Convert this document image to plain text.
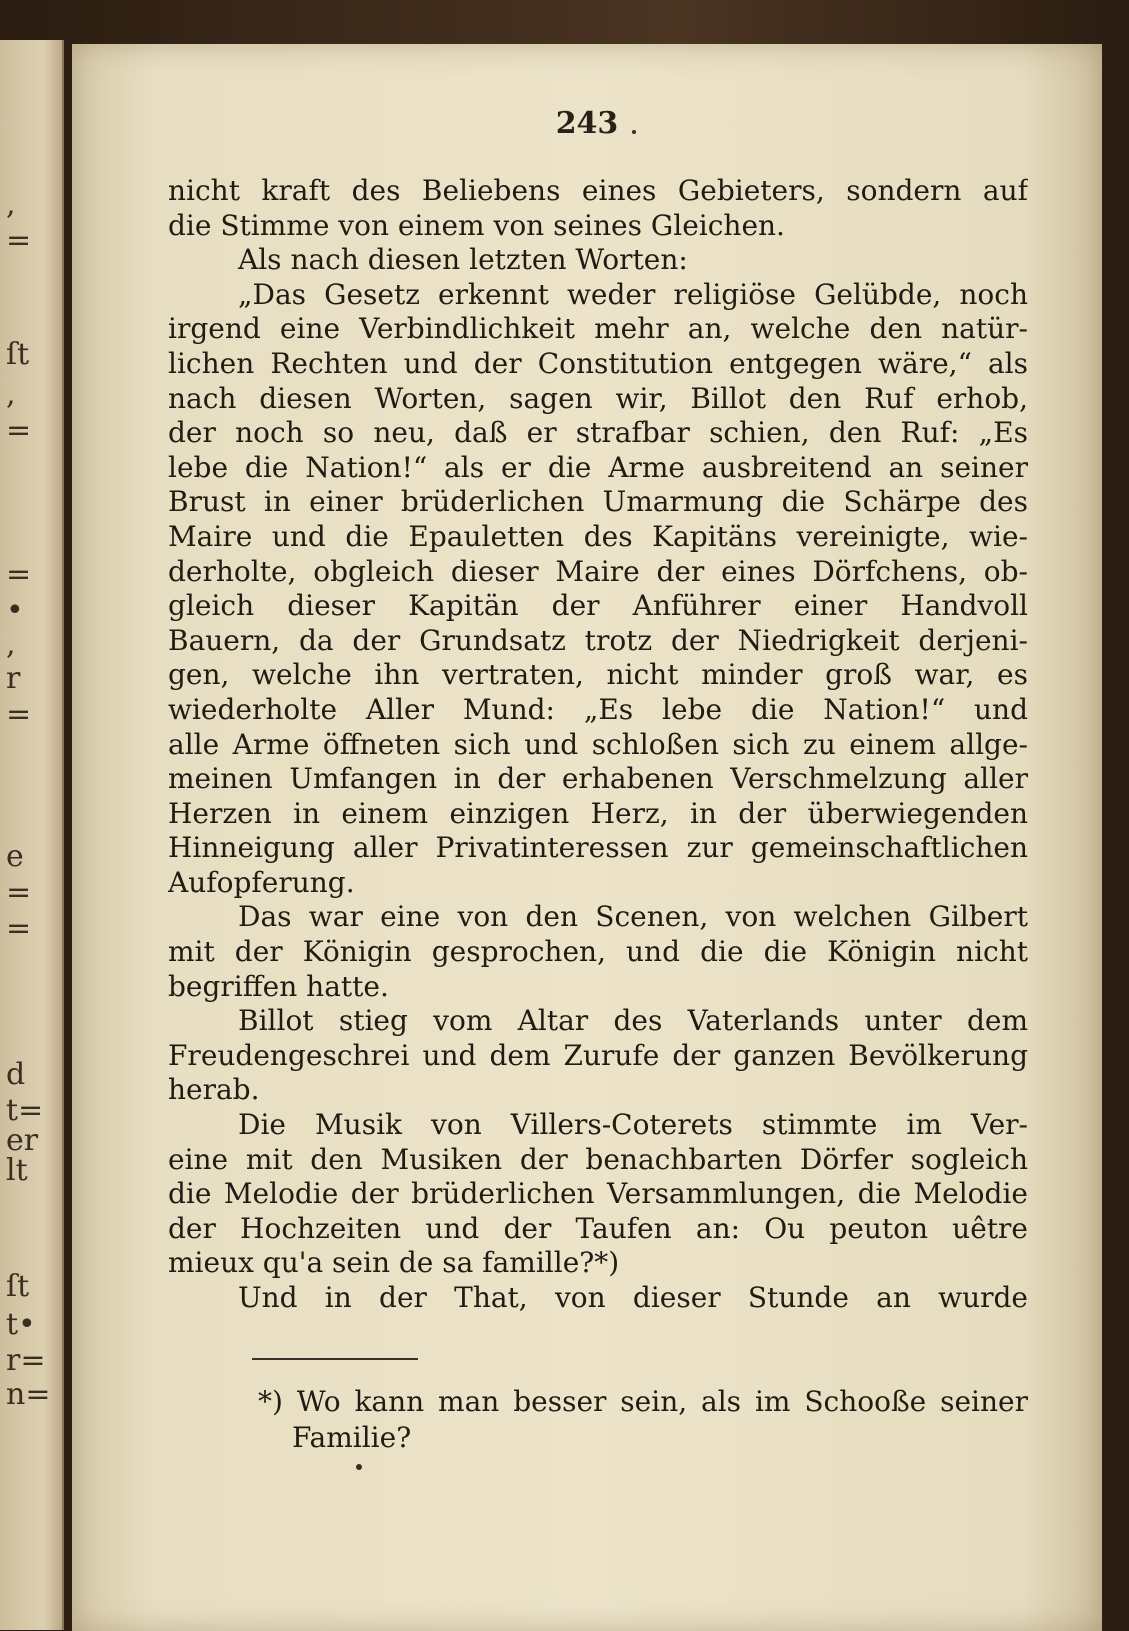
,
=
ſt
,
=
=
•
,
r
=
e
=
=
d
t=
er
lt
ſt
t•
r=
n=
243
nicht kraft des Beliebens eines Gebieters, sondern auf
die Stimme von einem von seines Gleichen.
Als nach diesen letzten Worten:
„Das Gesetz erkennt weder religiöse Gelübde, noch
irgend eine Verbindlichkeit mehr an, welche den natür-
lichen Rechten und der Constitution entgegen wäre,“ als
nach diesen Worten, sagen wir, Billot den Ruf erhob,
der noch so neu, daß er strafbar schien, den Ruf: „Es
lebe die Nation!“ als er die Arme ausbreitend an seiner
Brust in einer brüderlichen Umarmung die Schärpe des
Maire und die Epauletten des Kapitäns vereinigte, wie-
derholte, obgleich dieser Maire der eines Dörfchens, ob-
gleich dieser Kapitän der Anführer einer Handvoll
Bauern, da der Grundsatz trotz der Niedrigkeit derjeni-
gen, welche ihn vertraten, nicht minder groß war, es
wiederholte Aller Mund: „Es lebe die Nation!“ und
alle Arme öffneten sich und schloßen sich zu einem allge-
meinen Umfangen in der erhabenen Verschmelzung aller
Herzen in einem einzigen Herz, in der überwiegenden
Hinneigung aller Privatinteressen zur gemeinschaftlichen
Aufopferung.
Das war eine von den Scenen, von welchen Gilbert
mit der Königin gesprochen, und die die Königin nicht
begriffen hatte.
Billot stieg vom Altar des Vaterlands unter dem
Freudengeschrei und dem Zurufe der ganzen Bevölkerung
herab.
Die Musik von Villers-Coterets stimmte im Ver-
eine mit den Musiken der benachbarten Dörfer sogleich
die Melodie der brüderlichen Versammlungen, die Melodie
der Hochzeiten und der Taufen an: Ou peuton uêtre
mieux qu'a sein de sa famille?*)
Und in der That, von dieser Stunde an wurde
*) Wo kann man besser sein, als im Schooße seiner
Familie?
